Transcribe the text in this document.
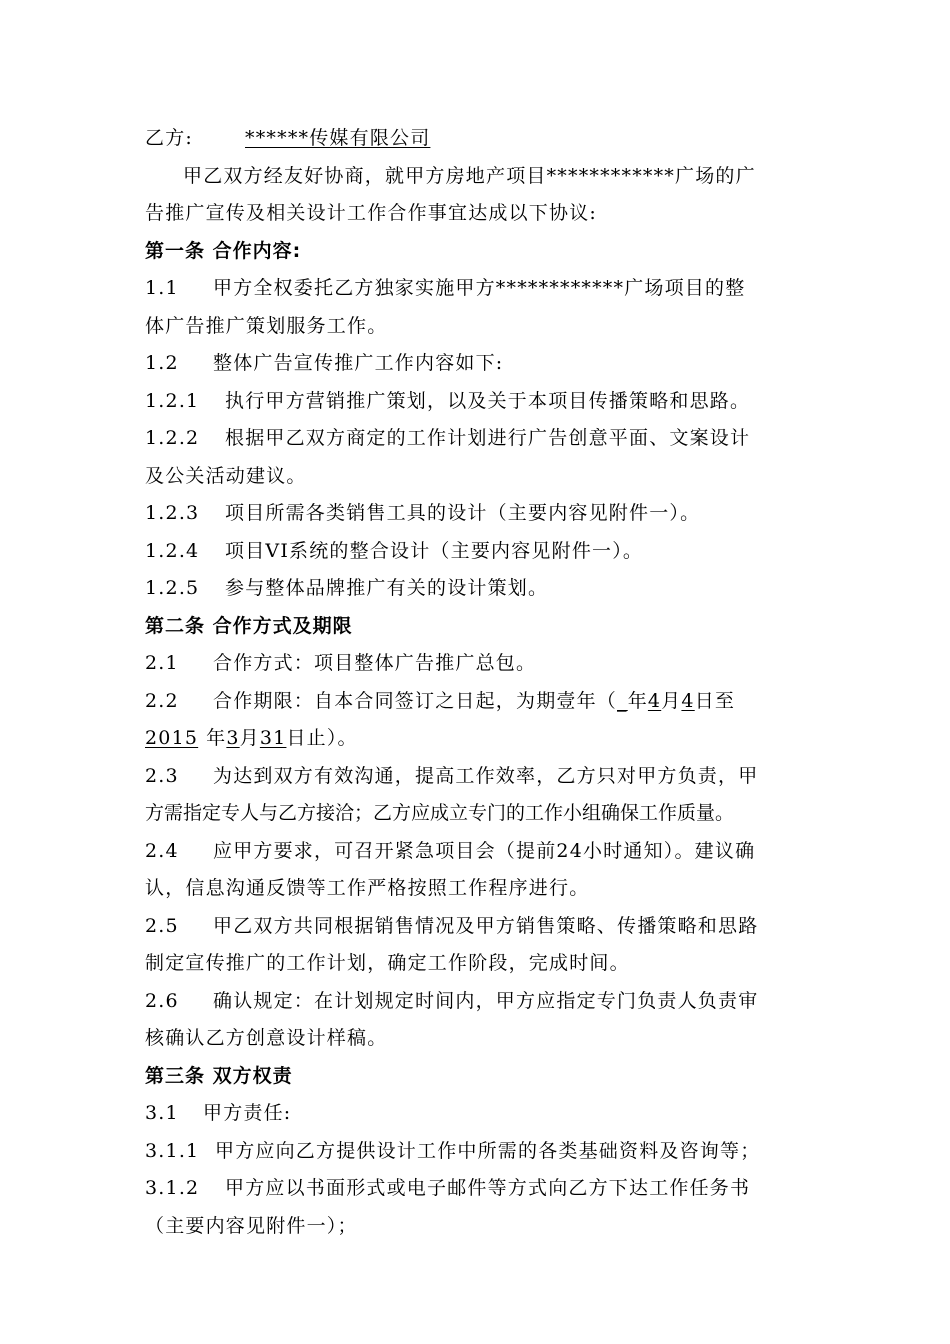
乙方:	******传媒有限公司
甲乙双方经友好协商，就甲方房地产项目************广场的广
告推广宣传及相关设计工作合作事宜达成以下协议:
第一条 合作内容:
1.1 甲方全权委托乙方独家实施甲方************广场项目的整
体广告推广策划服务工作。
1.2 整体广告宣传推广工作内容如下:
1.2.1 执行甲方营销推广策划，以及关于本项目传播策略和思路。
1.2.2 根据甲乙双方商定的工作计划进行广告创意平面、文案设计
及公关活动建议。
1.2.3 项目所需各类销售工具的设计（主要内容见附件一）。
1.2.4 项目VI系统的整合设计（主要内容见附件一）。
1.2.5 参与整体品牌推广有关的设计策划。
第二条 合作方式及期限
2.1 合作方式：项目整体广告推广总包。
2.2 合作期限：自本合同签订之日起，为期壹年（_年4月4日至
2015 年3月31日止）。
2.3 为达到双方有效沟通，提高工作效率，乙方只对甲方负责，甲
方需指定专人与乙方接洽；乙方应成立专门的工作小组确保工作质量。
2.4 应甲方要求，可召开紧急项目会（提前24小时通知）。建议确
认，信息沟通反馈等工作严格按照工作程序进行。
2.5 甲乙双方共同根据销售情况及甲方销售策略、传播策略和思路
制定宣传推广的工作计划，确定工作阶段，完成时间。
2.6 确认规定：在计划规定时间内，甲方应指定专门负责人负责审
核确认乙方创意设计样稿。
第三条 双方权责
3.1 甲方责任:
3.1.1 甲方应向乙方提供设计工作中所需的各类基础资料及咨询等；
3.1.2 甲方应以书面形式或电子邮件等方式向乙方下达工作任务书
（主要内容见附件一）；
